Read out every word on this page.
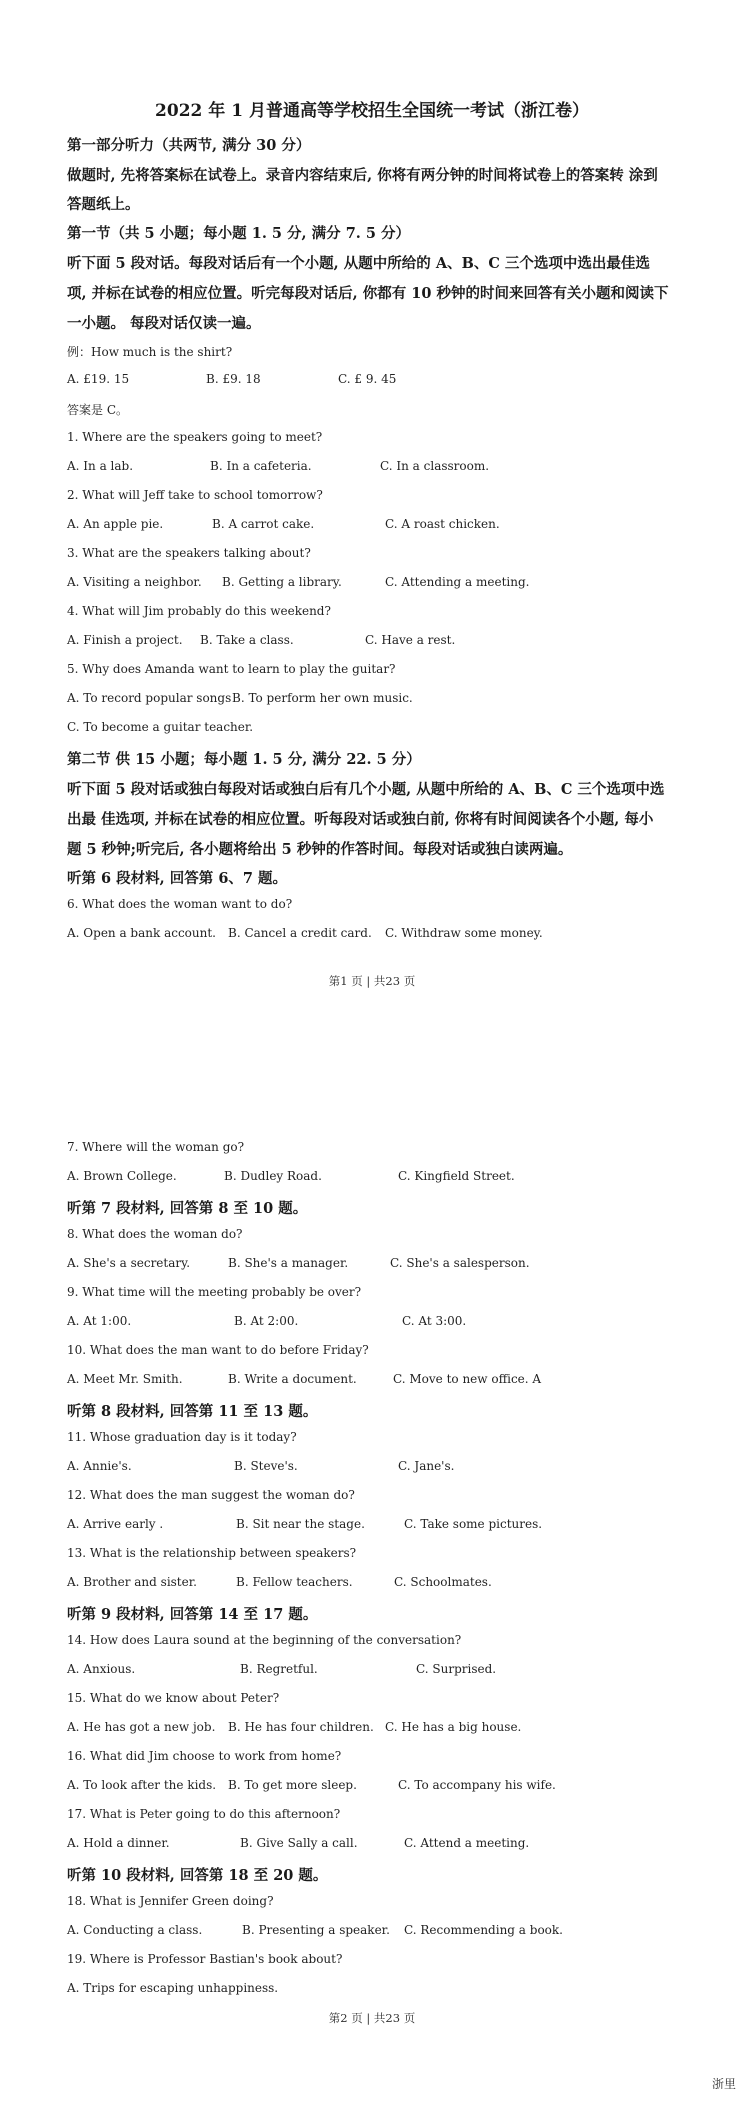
2022 年 1 月普通高等学校招生全国统一考试（浙江卷）
第一部分听力（共两节, 满分 30 分）
做题时, 先将答案标在试卷上。录音内容结束后, 你将有两分钟的时间将试卷上的答案转 涂到
答题纸上。
第一节（共 5 小题；每小题 1. 5 分, 满分 7. 5 分）
听下面 5 段对话。每段对话后有一个小题, 从题中所给的 A、B、C 三个选项中选出最佳选
项, 并标在试卷的相应位置。听完每段对话后, 你都有 10 秒钟的时间来回答有关小题和阅读下
一小题。 每段对话仅读一遍。
例：How much is the shirt?
A. £19. 15	B. £9. 18	C. £ 9. 45
答案是 C。
1. Where are the speakers going to meet?
A. In a lab.	B. In a cafeteria.	C. In a classroom.
2. What will Jeff take to school tomorrow?
A. An apple pie.	B. A carrot cake.	C. A roast chicken.
3. What are the speakers talking about?
A. Visiting a neighbor. B. Getting a library.	C. Attending a meeting.
4. What will Jim probably do this weekend?
A. Finish a project. B. Take a class.	C. Have a rest.
5. Why does Amanda want to learn to play the guitar?
A. To record popular songs B. To perform her own music.
C. To become a guitar teacher.
第二节 供 15 小题；每小题 1. 5 分, 满分 22. 5 分）
听下面 5 段对话或独白每段对话或独白后有几个小题, 从题中所给的 A、B、C 三个选项中选
出最 佳选项, 并标在试卷的相应位置。听每段对话或独白前, 你将有时间阅读各个小题, 每小
题 5 秒钟;听完后, 各小题将给出 5 秒钟的作答时间。每段对话或独白读两遍。
听第 6 段材料, 回答第 6、7 题。
6. What does the woman want to do?
A. Open a bank account. B. Cancel a credit card. C. Withdraw some money.
第1 页 | 共23 页
7. Where will the woman go?
A. Brown College.	B. Dudley Road.	C. Kingfield Street.
听第 7 段材料, 回答第 8 至 10 题。
8. What does the woman do?
A. She's a secretary.	B. She's a manager.	C. She's a salesperson.
9. What time will the meeting probably be over?
A. At 1:00.	B. At 2:00.	C. At 3:00.
10. What does the man want to do before Friday?
A. Meet Mr. Smith.	B. Write a document.	C. Move to new office. A
听第 8 段材料, 回答第 11 至 13 题。
11. Whose graduation day is it today?
A. Annie's.	B. Steve's.	C. Jane's.
12. What does the man suggest the woman do?
A. Arrive early .	B. Sit near the stage.	C. Take some pictures.
13. What is the relationship between speakers?
A. Brother and sister.	B. Fellow teachers.	C. Schoolmates.
听第 9 段材料, 回答第 14 至 17 题。
14. How does Laura sound at the beginning of the conversation?
A. Anxious.	B. Regretful.	C. Surprised.
15. What do we know about Peter?
A. He has got a new job. B. He has four children. C. He has a big house.
16. What did Jim choose to work from home?
A. To look after the kids. B. To get more sleep.	C. To accompany his wife.
17. What is Peter going to do this afternoon?
A. Hold a dinner.	B. Give Sally a call.	C. Attend a meeting.
听第 10 段材料, 回答第 18 至 20 题。
18. What is Jennifer Green doing?
A. Conducting a class.	B. Presenting a speaker. C. Recommending a book.
19. Where is Professor Bastian's book about?
A. Trips for escaping unhappiness.
第2 页 | 共23 页
浙里
